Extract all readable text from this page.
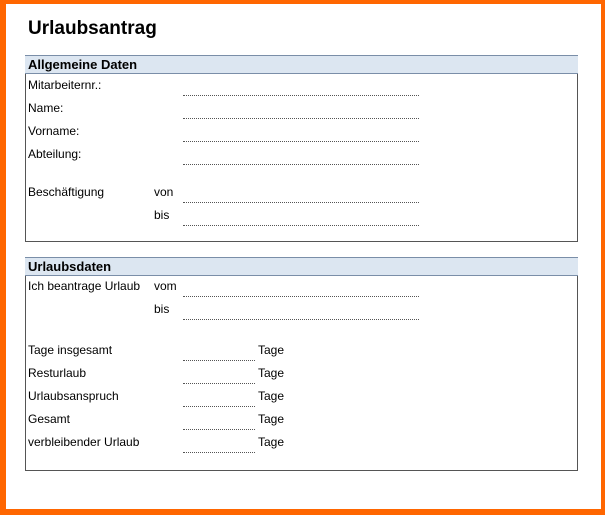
Urlaubsantrag
Allgemeine Daten
Mitarbeiternr.:
Name:
Vorname:
Abteilung:
Beschäftigung	von
bis
Urlaubsdaten
Ich beantrage Urlaub vom
bis
Tage insgesamt	Tage
Resturlaub	Tage
Urlaubsanspruch	Tage
Gesamt	Tage
verbleibender Urlaub	Tage
